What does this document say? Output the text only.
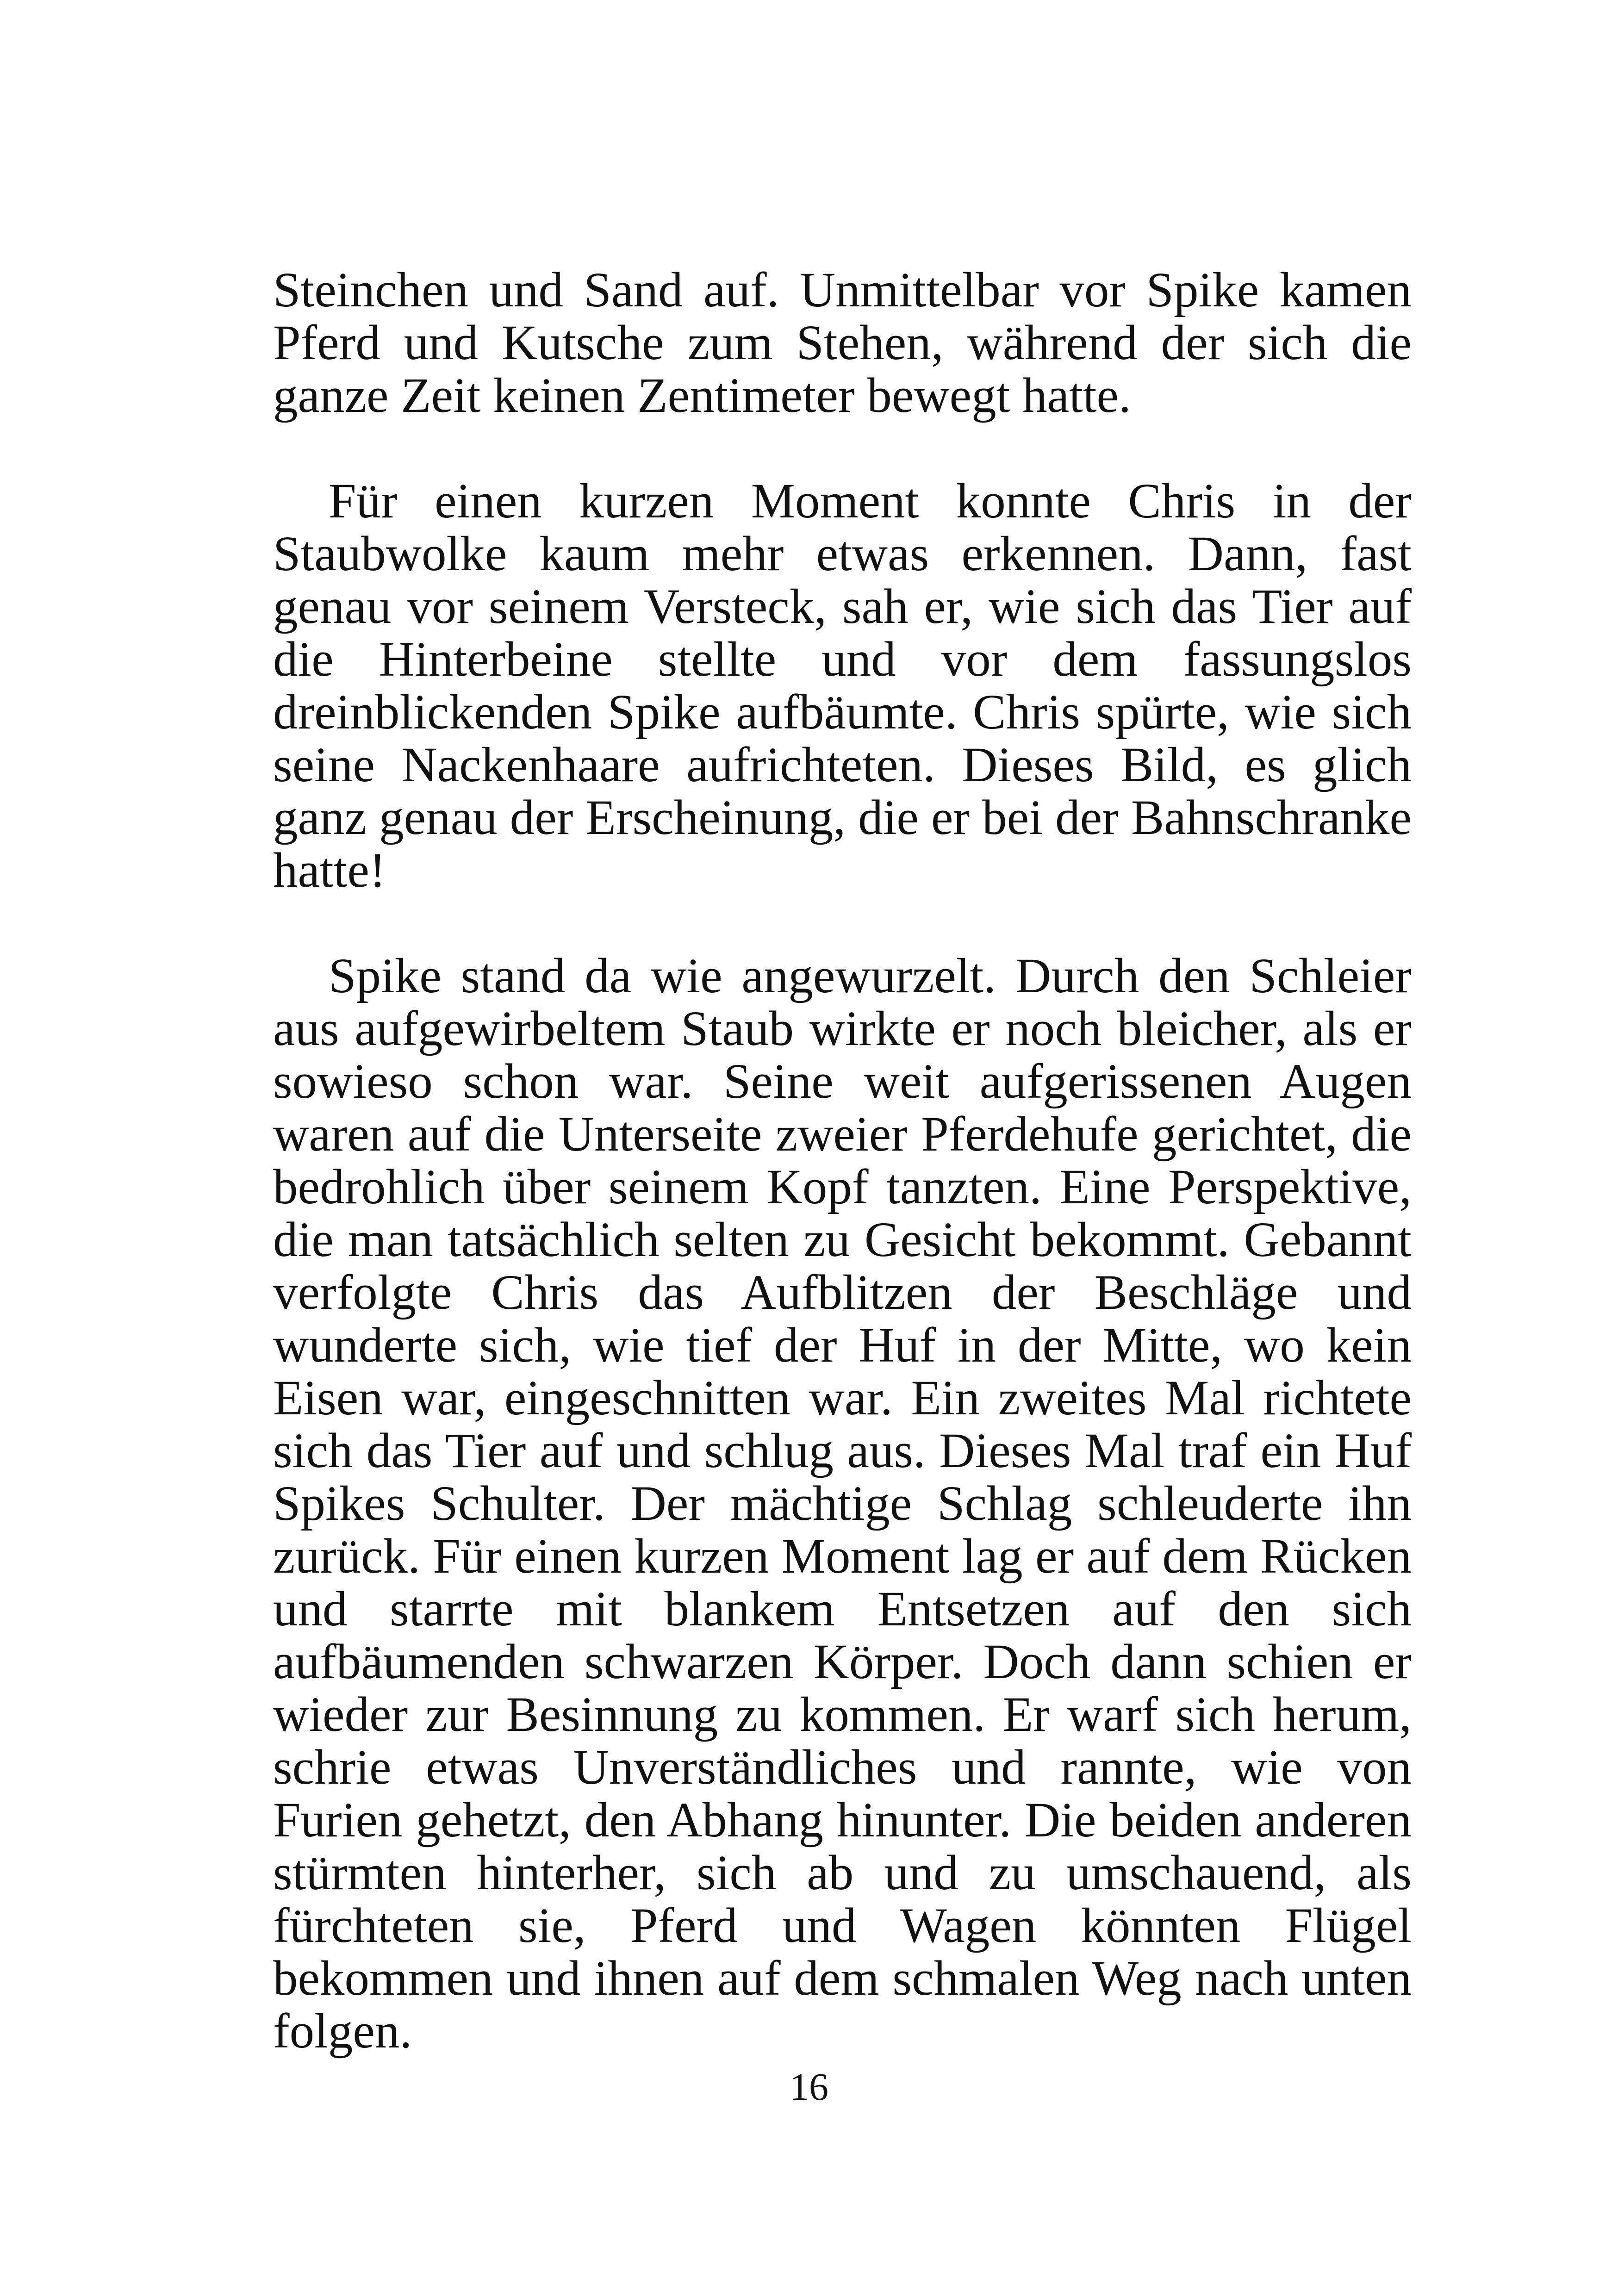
Steinchen und Sand auf. Unmittelbar vor Spike kamen Pferd und Kutsche zum Stehen, während der sich die ganze Zeit keinen Zentimeter bewegt hatte.

Für einen kurzen Moment konnte Chris in der Staubwolke kaum mehr etwas erkennen. Dann, fast genau vor seinem Versteck, sah er, wie sich das Tier auf die Hinterbeine stellte und vor dem fassungslos dreinblickenden Spike aufbäumte. Chris spürte, wie sich seine Nackenhaare aufrichteten. Dieses Bild, es glich ganz genau der Erscheinung, die er bei der Bahnschranke hatte!

Spike stand da wie angewurzelt. Durch den Schleier aus aufgewirbeltem Staub wirkte er noch bleicher, als er sowieso schon war. Seine weit aufgerissenen Augen waren auf die Unterseite zweier Pferdehufe gerichtet, die bedrohlich über seinem Kopf tanzten. Eine Perspektive, die man tatsächlich selten zu Gesicht bekommt. Gebannt verfolgte Chris das Aufblitzen der Beschläge und wunderte sich, wie tief der Huf in der Mitte, wo kein Eisen war, eingeschnitten war. Ein zweites Mal richtete sich das Tier auf und schlug aus. Dieses Mal traf ein Huf Spikes Schulter. Der mächtige Schlag schleuderte ihn zurück. Für einen kurzen Moment lag er auf dem Rücken und starrte mit blankem Entsetzen auf den sich aufbäumenden schwarzen Körper. Doch dann schien er wieder zur Besinnung zu kommen. Er warf sich herum, schrie etwas Unverständliches und rannte, wie von Furien gehetzt, den Abhang hinunter. Die beiden anderen stürmten hinterher, sich ab und zu umschauend, als fürchteten sie, Pferd und Wagen könnten Flügel bekommen und ihnen auf dem schmalen Weg nach unten folgen.

16
